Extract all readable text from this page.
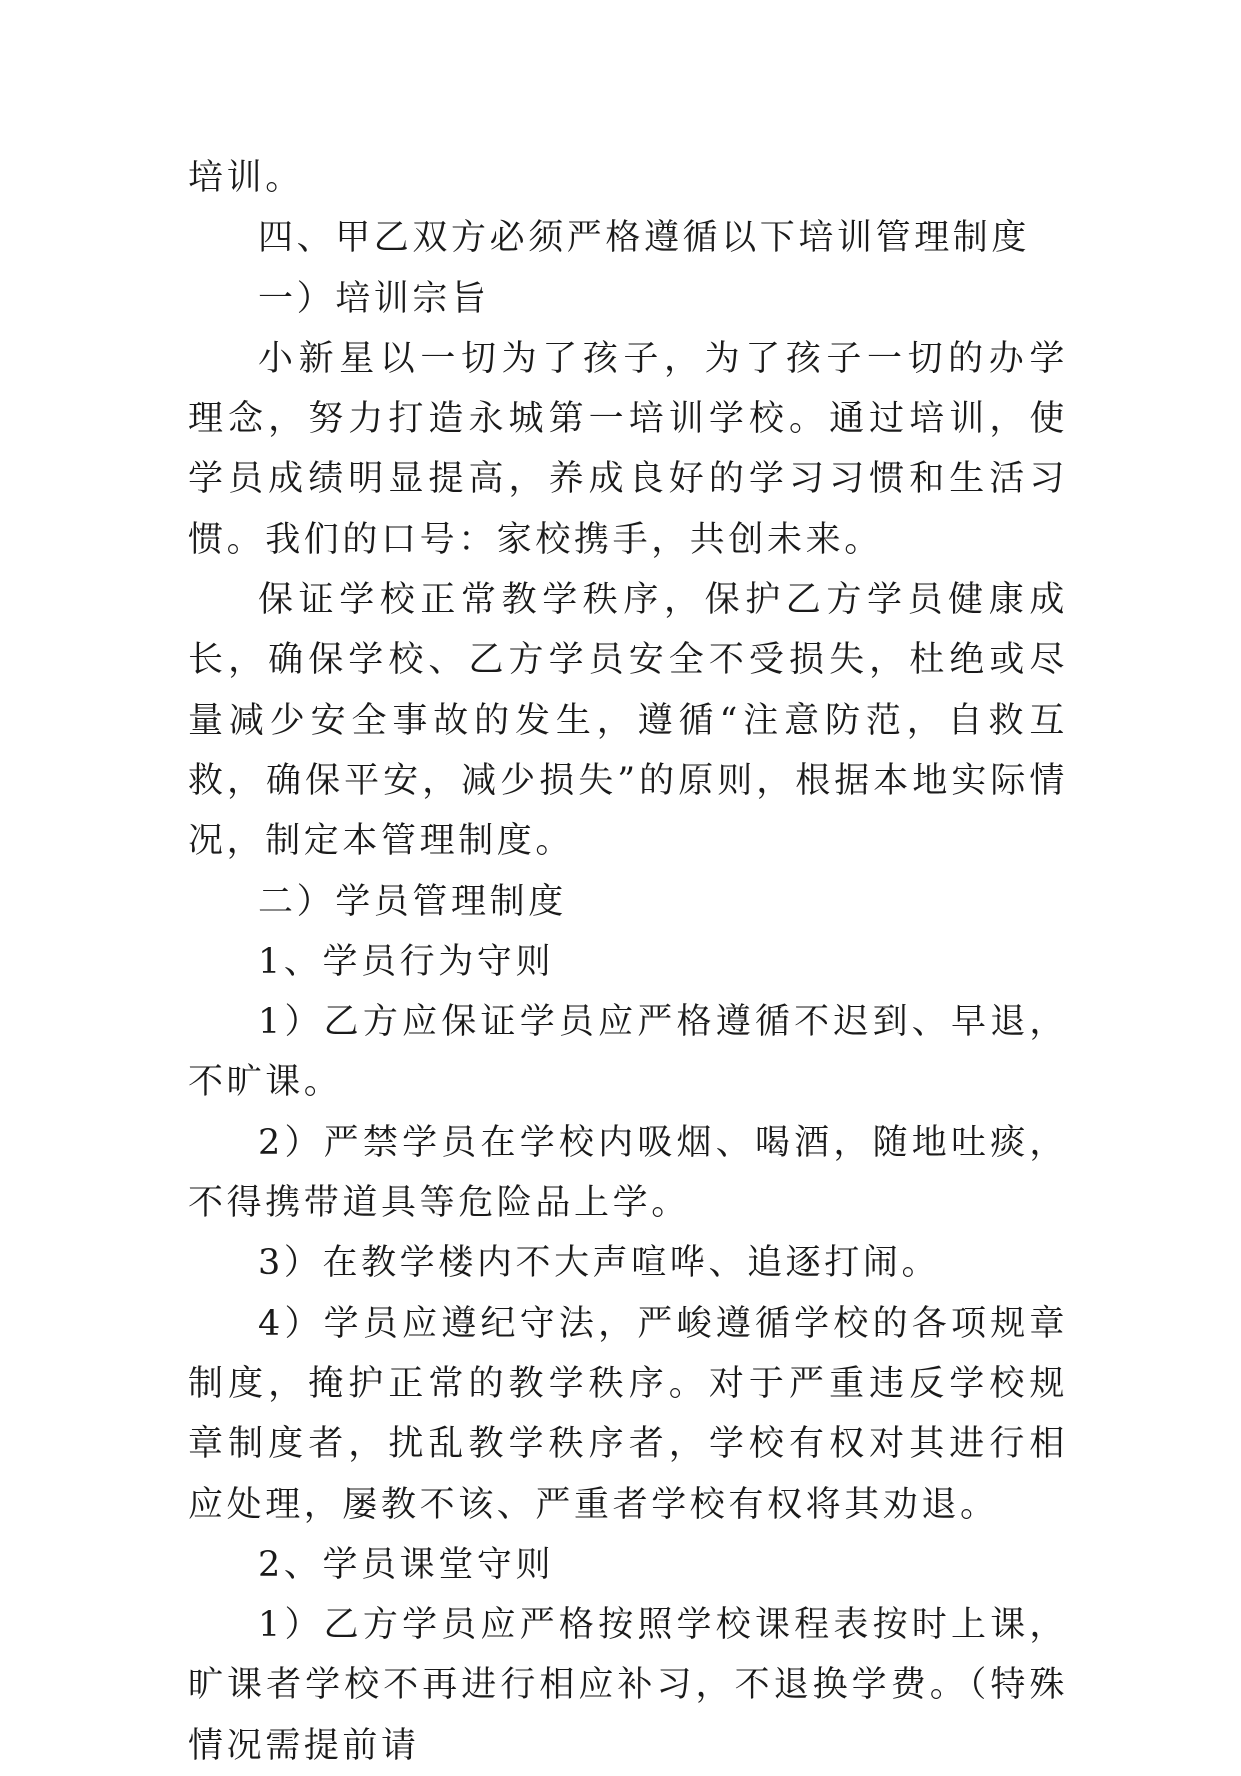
培训。

四、甲乙双方必须严格遵循以下培训管理制度

一）培训宗旨

小新星以一切为了孩子，为了孩子一切的办学理念，努力打造永城第一培训学校。通过培训，使学员成绩明显提高，养成良好的学习习惯和生活习惯。我们的口号：家校携手，共创未来。

保证学校正常教学秩序，保护乙方学员健康成长，确保学校、乙方学员安全不受损失，杜绝或尽量减少安全事故的发生，遵循“注意防范，自救互救，确保平安，减少损失”的原则，根据本地实际情况，制定本管理制度。

二）学员管理制度

1、学员行为守则

1）乙方应保证学员应严格遵循不迟到、早退，不旷课。

2）严禁学员在学校内吸烟、喝酒，随地吐痰，不得携带道具等危险品上学。

3）在教学楼内不大声喧哗、追逐打闹。

4）学员应遵纪守法，严峻遵循学校的各项规章制度，掩护正常的教学秩序。对于严重违反学校规章制度者，扰乱教学秩序者，学校有权对其进行相应处理，屡教不该、严重者学校有权将其劝退。

2、学员课堂守则

1）乙方学员应严格按照学校课程表按时上课，旷课者学校不再进行相应补习，不退换学费。（特殊情况需提前请
